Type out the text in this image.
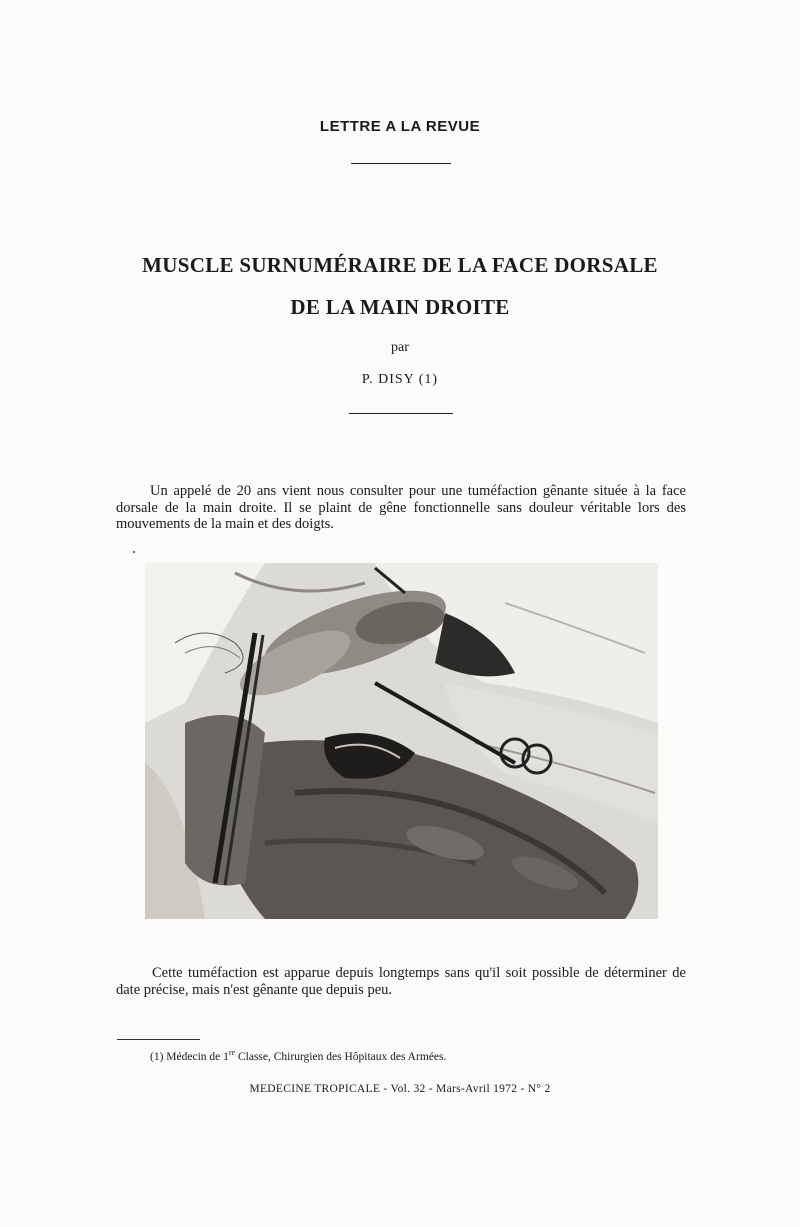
LETTRE A LA REVUE
MUSCLE SURNUMÉRAIRE DE LA FACE DORSALE
DE LA MAIN DROITE
par
P. DISY (1)

Un appelé de 20 ans vient nous consulter pour une tuméfaction gênante située à la face dorsale de la main droite. Il se plaint de gêne fonctionnelle sans douleur véritable lors des mouvements de la main et des doigts.

Cette tuméfaction est apparue depuis longtemps sans qu'il soit possible de déterminer de date précise, mais n'est gênante que depuis peu.

(1) Médecin de 1re Classe, Chirurgien des Hôpitaux des Armées.
MEDECINE TROPICALE - Vol. 32 - Mars-Avril 1972 - N° 2
